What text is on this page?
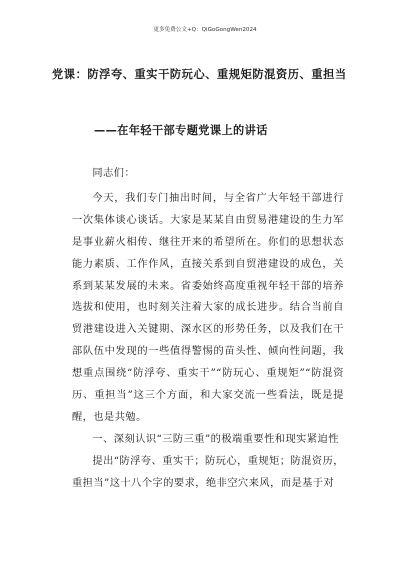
更多免费公文+Q：QiGoGongWen2024
党课：防浮夸、重实干防玩心、重规矩防混资历、重担当
——在年轻干部专题党课上的讲话

同志们：

今天，我们专门抽出时间，与全省广大年轻干部进行一次集体谈心谈话。大家是某某自由贸易港建设的生力军是事业薪火相传、继往开来的希望所在。你们的思想状态能力素质、工作作风，直接关系到自贸港建设的成色，关系到某某发展的未来。省委始终高度重视年轻干部的培养选拔和使用，也时刻关注着大家的成长进步。结合当前自贸港建设进入关键期、深水区的形势任务，以及我们在干部队伍中发现的一些值得警惕的苗头性、倾向性问题，我想重点围绕“防浮夸、重实干”“防玩心、重规矩”“防混资历、重担当”这三个方面，和大家交流一些看法，既是提醒，也是共勉。

一、深刻认识“三防三重”的极端重要性和现实紧迫性

提出“防浮夸、重实干；防玩心，重规矩；防混资历，重担当”这十八个字的要求，绝非空穴来风，而是基于对
